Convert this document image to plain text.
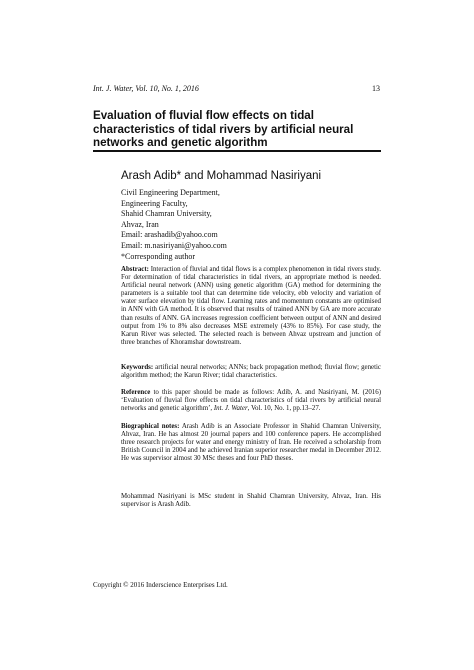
Int. J. Water, Vol. 10, No. 1, 2016	13
Evaluation of fluvial flow effects on tidal
characteristics of tidal rivers by artificial neural
networks and genetic algorithm
Arash Adib* and Mohammad Nasiriyani
Civil Engineering Department,
Engineering Faculty,
Shahid Chamran University,
Ahvaz, Iran
Email: arashadib@yahoo.com
Email: m.nasiriyani@yahoo.com
*Corresponding author
Abstract: Interaction of fluvial and tidal flows is a complex phenomenon in tidal rivers study. For determination of tidal characteristics in tidal rivers, an appropriate method is needed. Artificial neural network (ANN) using genetic algorithm (GA) method for determining the parameters is a suitable tool that can determine tide velocity, ebb velocity and variation of water surface elevation by tidal flow. Learning rates and momentum constants are optimised in ANN with GA method. It is observed that results of trained ANN by GA are more accurate than results of ANN. GA increases regression coefficient between output of ANN and desired output from 1% to 8% also decreases MSE extremely (43% to 85%). For case study, the Karun River was selected. The selected reach is between Ahvaz upstream and junction of three branches of Khoramshar downstream.
Keywords: artificial neural networks; ANNs; back propagation method; fluvial flow; genetic algorithm method; the Karun River; tidal characteristics.
Reference to this paper should be made as follows: Adib, A. and Nasiriyani, M. (2016) ‘Evaluation of fluvial flow effects on tidal characteristics of tidal rivers by artificial neural networks and genetic algorithm’, Int. J. Water, Vol. 10, No. 1, pp.13–27.
Biographical notes: Arash Adib is an Associate Professor in Shahid Chamran University, Ahvaz, Iran. He has almost 20 journal papers and 100 conference papers. He accomplished three research projects for water and energy ministry of Iran. He received a scholarship from British Council in 2004 and he achieved Iranian superior researcher medal in December 2012. He was supervisor almost 30 MSc theses and four PhD theses.
Mohammad Nasiriyani is MSc student in Shahid Chamran University, Ahvaz, Iran. His supervisor is Arash Adib.
Copyright © 2016 Inderscience Enterprises Ltd.
